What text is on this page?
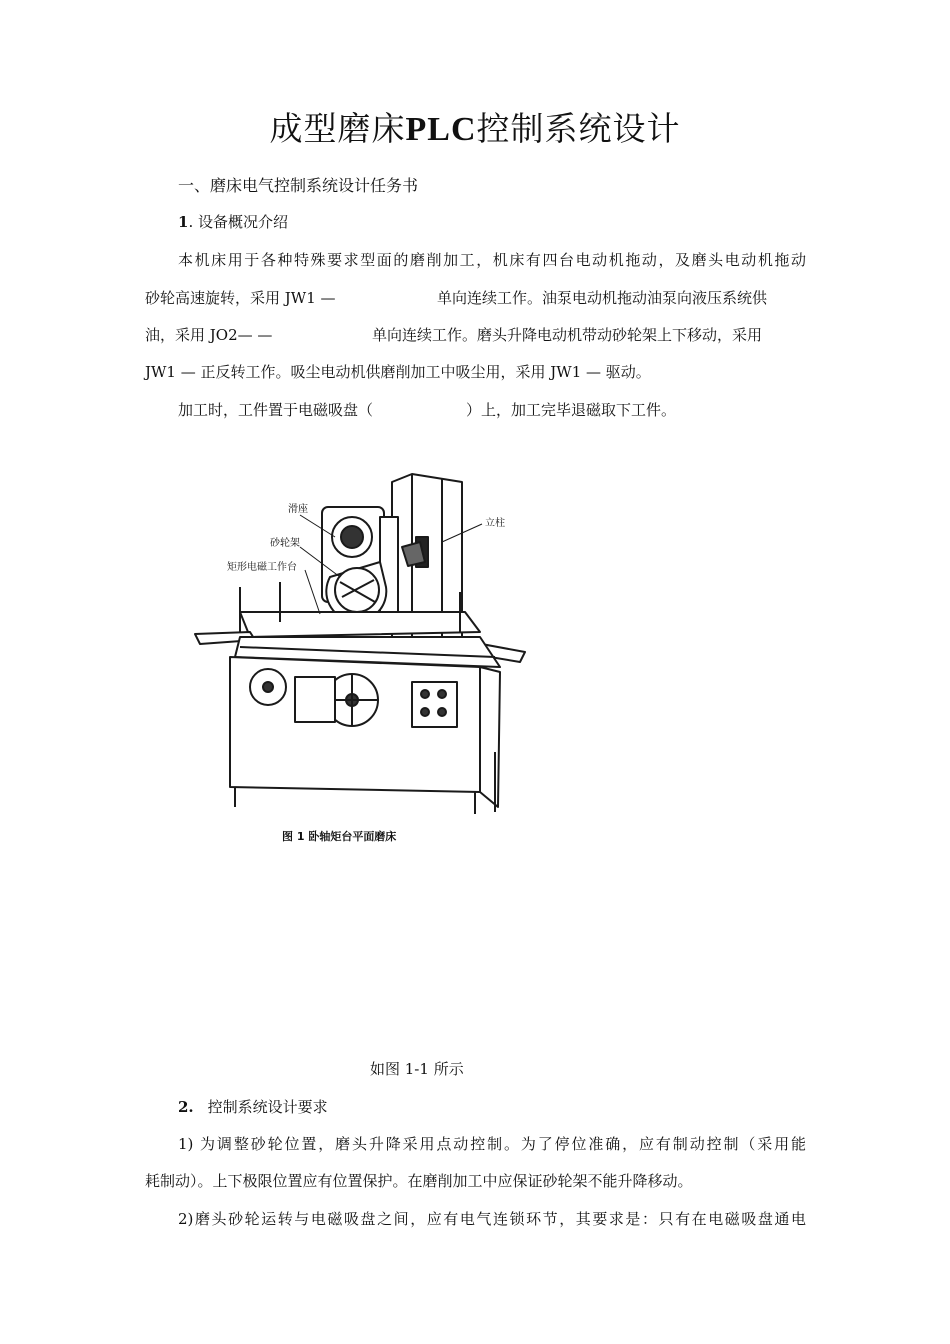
成型磨床PLC控制系统设计
一、磨床电气控制系统设计任务书
1. 设备概况介绍
本机床用于各种特殊要求型面的磨削加工，机床有四台电动机拖动，及磨头电动机拖动
砂轮高速旋转，采用 JW1 —	单向连续工作。油泵电动机拖动油泵向液压系统供
油，采用 JO2— —	单向连续工作。磨头升降电动机带动砂轮架上下移动，采用
JW1 — 正反转工作。吸尘电动机供磨削加工中吸尘用，采用 JW1 — 驱动。
加工时，工件置于电磁吸盘（	）上，加工完毕退磁取下工件。
滑座
砂轮架
矩形电磁工作台
立柱
图 1 卧轴矩台平面磨床
如图 1-1 所示
2. 控制系统设计要求
1) 为调整砂轮位置，磨头升降采用点动控制。为了停位准确，应有制动控制（采用能
耗制动）。上下极限位置应有位置保护。在磨削加工中应保证砂轮架不能升降移动。
2)磨头砂轮运转与电磁吸盘之间，应有电气连锁环节，其要求是：只有在电磁吸盘通电
